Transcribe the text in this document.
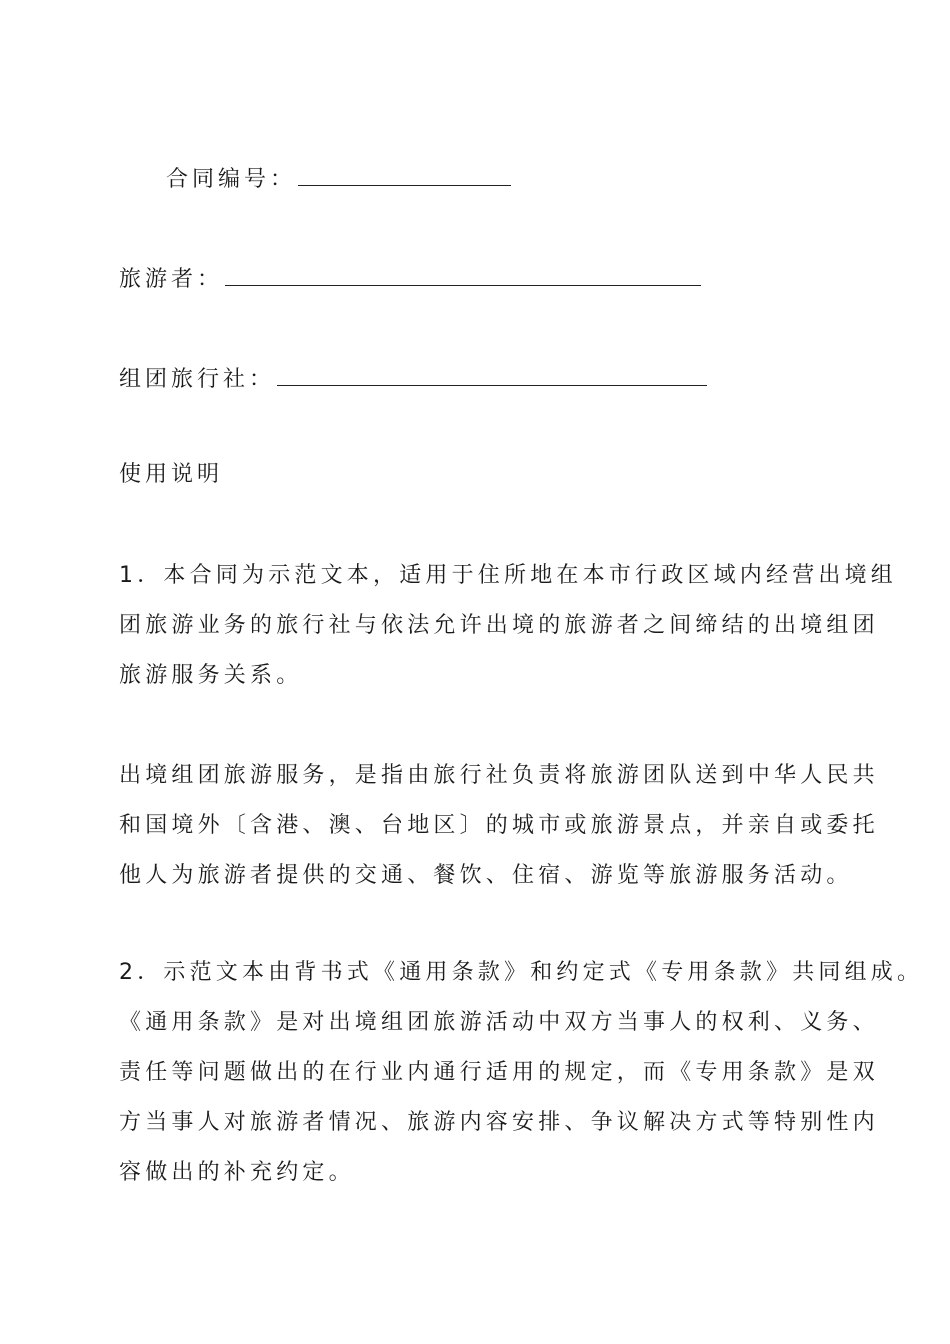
合同编号：
旅游者：
组团旅行社：
使用说明

1．本合同为示范文本，适用于住所地在本市行政区域内经营出境组
团旅游业务的旅行社与依法允许出境的旅游者之间缔结的出境组团
旅游服务关系。

出境组团旅游服务，是指由旅行社负责将旅游团队送到中华人民共
和国境外〔含港、澳、台地区〕的城市或旅游景点，并亲自或委托
他人为旅游者提供的交通、餐饮、住宿、游览等旅游服务活动。

2．示范文本由背书式《通用条款》和约定式《专用条款》共同组成。
《通用条款》是对出境组团旅游活动中双方当事人的权利、义务、
责任等问题做出的在行业内通行适用的规定，而《专用条款》是双
方当事人对旅游者情况、旅游内容安排、争议解决方式等特别性内
容做出的补充约定。
